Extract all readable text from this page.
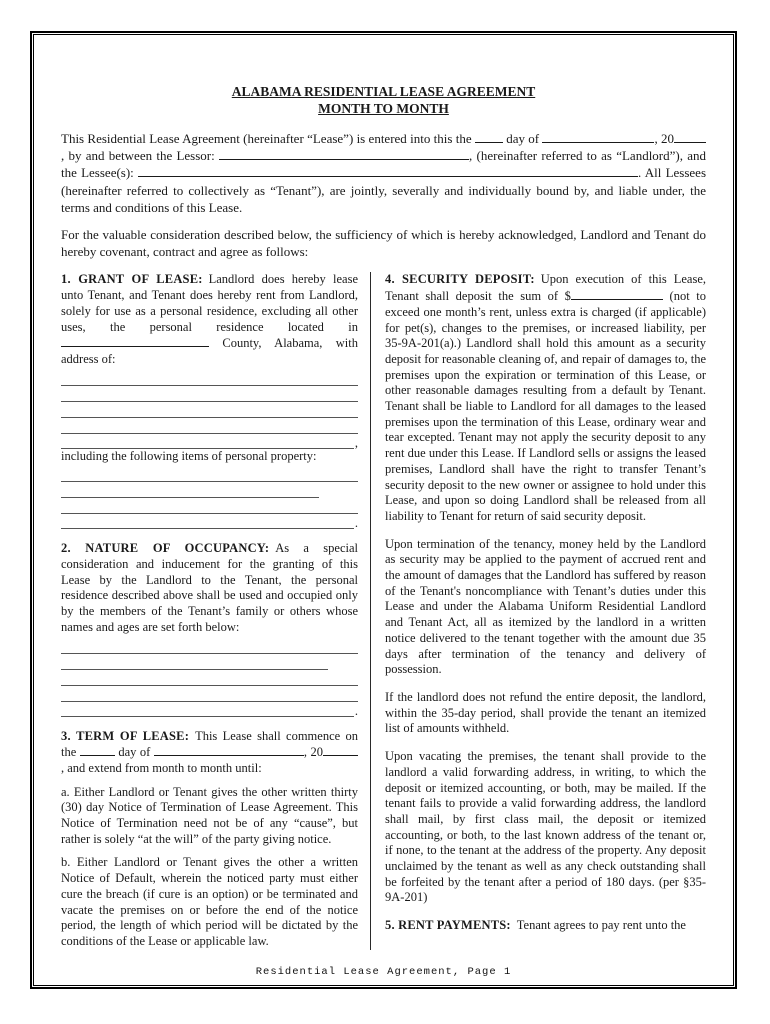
ALABAMA RESIDENTIAL LEASE AGREEMENT
MONTH TO MONTH

This Residential Lease Agreement (hereinafter “Lease”) is entered into this the	day of	, 20, by and between the Lessor:	, (hereinafter referred to as “Landlord”), and the Lessee(s):	. All Lessees (hereinafter referred to collectively as “Tenant”), are jointly, severally and individually bound by, and liable under, the terms and conditions of this Lease.

For the valuable consideration described below, the sufficiency of which is hereby acknowledged, Landlord and Tenant do hereby covenant, contract and agree as follows:

1. GRANT OF LEASE: Landlord does hereby lease unto Tenant, and Tenant does hereby rent from Landlord, solely for use as a personal residence, excluding all other uses, the personal residence located in  County, Alabama, with address of:

,

including the following items of personal property:

.

2. NATURE OF OCCUPANCY: As a special consideration and inducement for the granting of this Lease by the Landlord to the Tenant, the personal residence described above shall be used and occupied only by the members of the Tenant’s family or others whose names and ages are set forth below:

.

3. TERM OF LEASE: This Lease shall commence on the	day of	, 20, and extend from month to month until:

a. Either Landlord or Tenant gives the other written thirty (30) day Notice of Termination of Lease Agreement. This Notice of Termination need not be of any “cause”, but rather is solely “at the will” of the party giving notice.

b. Either Landlord or Tenant gives the other a written Notice of Default, wherein the noticed party must either cure the breach (if cure is an option) or be terminated and vacate the premises on or before the end of the notice period, the length of which period will be dictated by the conditions of the Lease or applicable law.

4. SECURITY DEPOSIT: Upon execution of this Lease, Tenant shall deposit the sum of $	(not to exceed one month’s rent, unless extra is charged (if applicable) for pet(s), changes to the premises, or increased liability, per 35-9A-201(a).) Landlord shall hold this amount as a security deposit for reasonable cleaning of, and repair of damages to, the premises upon the expiration or termination of this Lease, or other reasonable damages resulting from a default by Tenant. Tenant shall be liable to Landlord for all damages to the leased premises upon the termination of this Lease, ordinary wear and tear excepted. Tenant may not apply the security deposit to any rent due under this Lease. If Landlord sells or assigns the leased premises, Landlord shall have the right to transfer Tenant’s security deposit to the new owner or assignee to hold under this Lease, and upon so doing Landlord shall be released from all liability to Tenant for return of said security deposit.

Upon termination of the tenancy, money held by the Landlord as security may be applied to the payment of accrued rent and the amount of damages that the Landlord has suffered by reason of the Tenant's noncompliance with Tenant’s duties under this Lease and under the Alabama Uniform Residential Landlord and Tenant Act, all as itemized by the landlord in a written notice delivered to the tenant together with the amount due 35 days after termination of the tenancy and delivery of possession.

If the landlord does not refund the entire deposit, the landlord, within the 35-day period, shall provide the tenant an itemized list of amounts withheld.

Upon vacating the premises, the tenant shall provide to the landlord a valid forwarding address, in writing, to which the deposit or itemized accounting, or both, may be mailed. If the tenant fails to provide a valid forwarding address, the landlord shall mail, by first class mail, the deposit or itemized accounting, or both, to the last known address of the tenant or, if none, to the tenant at the address of the property. Any deposit unclaimed by the tenant as well as any check outstanding shall be forfeited by the tenant after a period of 180 days. (per §35-9A-201)

5. RENT PAYMENTS: Tenant agrees to pay rent unto the

Residential Lease Agreement, Page 1
